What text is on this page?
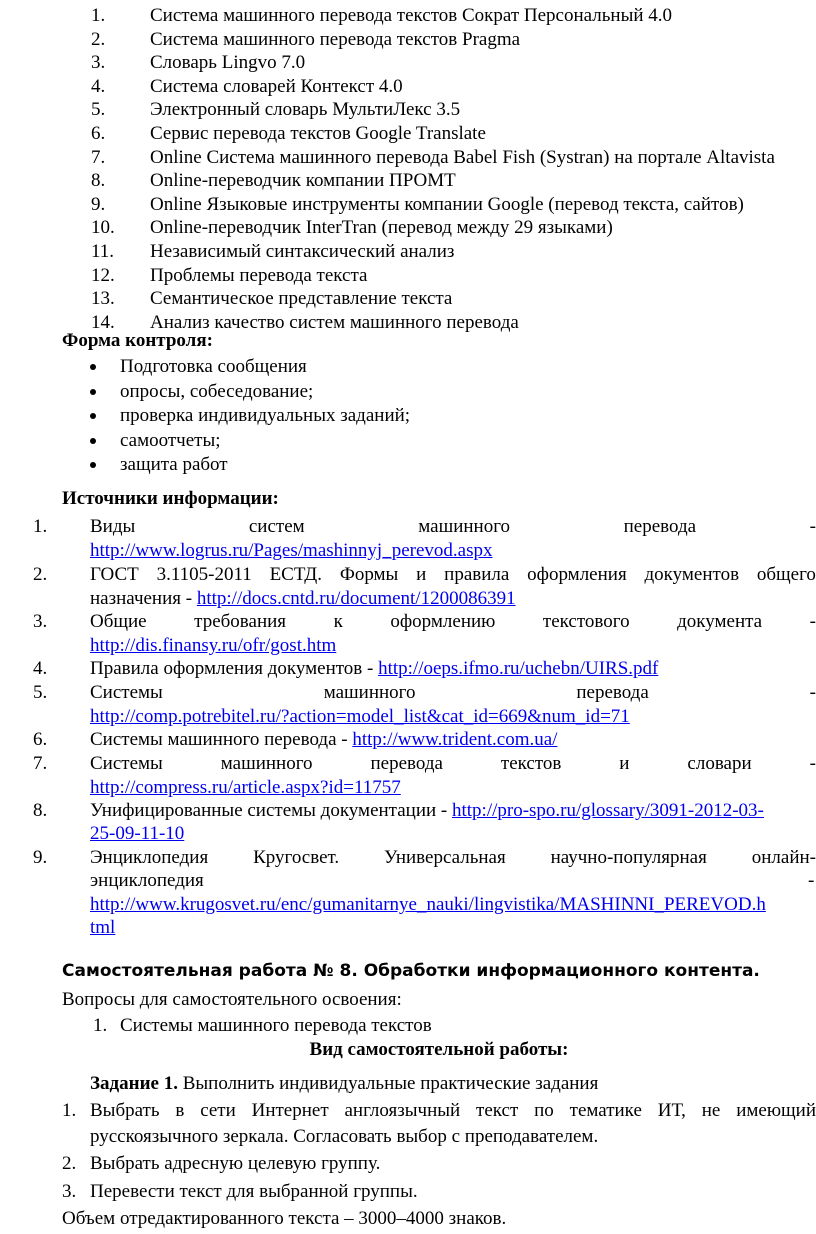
1. Система машинного перевода текстов Сократ Персональный 4.0
2. Система машинного перевода текстов Pragma
3. Словарь Lingvo 7.0
4. Система словарей Контекст 4.0
5. Электронный словарь МультиЛекс 3.5
6. Сервис перевода текстов Google Translate
7. Online Система машинного перевода Babel Fish (Systran) на портале Altavista
8. Online-переводчик компании ПРОМТ
9. Online Языковые инструменты компании Google (перевод текста, сайтов)
10. Online-переводчик InterTran (перевод между 29 языками)
11. Независимый синтаксический анализ
12. Проблемы перевода текста
13. Семантическое представление текста
14. Анализ качество систем машинного перевода
Форма контроля:
Подготовка сообщения
опросы, собеседование;
проверка индивидуальных заданий;
самоотчеты;
защита работ
Источники информации:
1. Виды	систем	машинного	перевода	-
http://www.logrus.ru/Pages/mashinnyj_perevod.aspx
2. ГОСТ 3.1105-2011 ЕСТД. Формы и правила оформления документов общего
назначения - http://docs.cntd.ru/document/1200086391
3. Общие	требования	к	оформлению	текстового	документа	-
http://dis.finansy.ru/ofr/gost.htm
4. Правила оформления документов - http://oeps.ifmo.ru/uchebn/UIRS.pdf
5. Системы	машинного	перевода	-
http://comp.potrebitel.ru/?action=model_list&cat_id=669&num_id=71
6. Системы машинного перевода - http://www.trident.com.ua/
7. Системы	машинного	перевода	текстов	и	словари	-
http://compress.ru/article.aspx?id=11757
8. Унифицированные системы документации - http://pro-spo.ru/glossary/3091-2012-03-
25-09-11-10
9. Энциклопедия Кругосвет. Универсальная научно-популярная онлайн-
энциклопедия	-
http://www.krugosvet.ru/enc/gumanitarnye_nauki/lingvistika/MASHINNI_PEREVOD.h
tml
Самостоятельная работа № 8. Обработки информационного контента.
Вопросы для самостоятельного освоения:
1. Системы машинного перевода текстов
Вид самостоятельной работы:
Задание 1. Выполнить индивидуальные практические задания
1. Выбрать в сети Интернет англоязычный текст по тематике ИТ, не имеющий
русскоязычного зеркала. Согласовать выбор с преподавателем.
2. Выбрать адресную целевую группу.
3. Перевести текст для выбранной группы.
Объем отредактированного текста – 3000–4000 знаков.
